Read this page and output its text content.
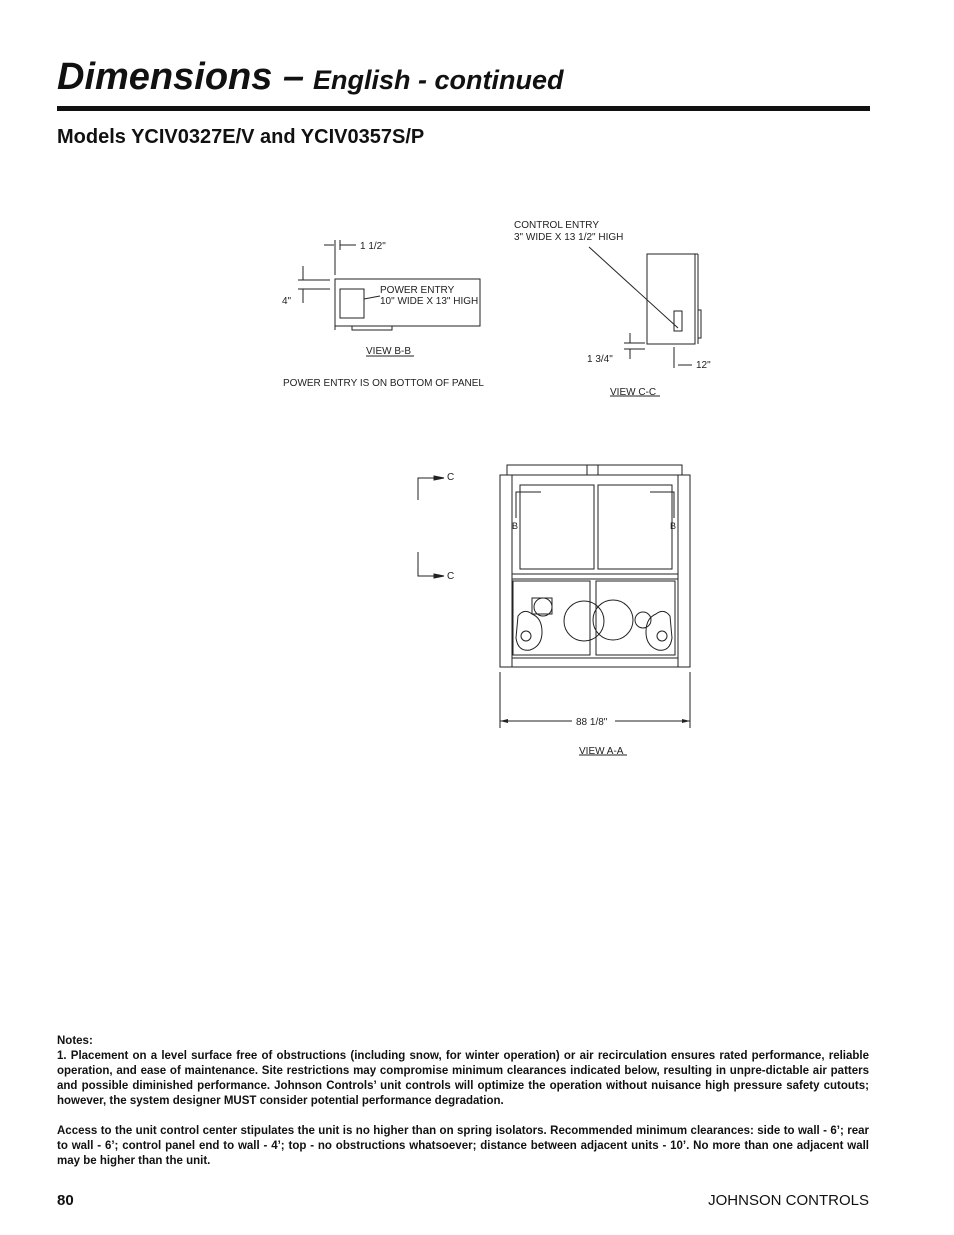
Dimensions – English - continued
Models YCIV0327E/V and YCIV0357S/P
1 1/2"
4"
POWER ENTRY
10" WIDE X 13" HIGH
VIEW B-B
POWER ENTRY IS ON BOTTOM OF PANEL
CONTROL ENTRY
3" WIDE X 13 1/2" HIGH
1 3/4"
12"
VIEW C-C
C
C
B	B
88 1/8"
VIEW A-A

Notes:

1. Placement on a level surface free of obstructions (including snow, for winter operation) or air recirculation ensures rated performance, reliable operation, and ease of maintenance. Site restrictions may compromise minimum clearances indicated below, resulting in unpre-dictable air patters and possible diminished performance. Johnson Controls’ unit controls will optimize the operation without nuisance high pressure safety cutouts; however, the system designer MUST consider potential performance degradation.

Access to the unit control center stipulates the unit is no higher than on spring isolators. Recommended minimum clearances: side to wall - 6’; rear to wall - 6’; control panel end to wall - 4’; top - no obstructions whatsoever; distance between adjacent units - 10’. No more than one adjacent wall may be higher than the unit.

80	JOHNSON CONTROLS
